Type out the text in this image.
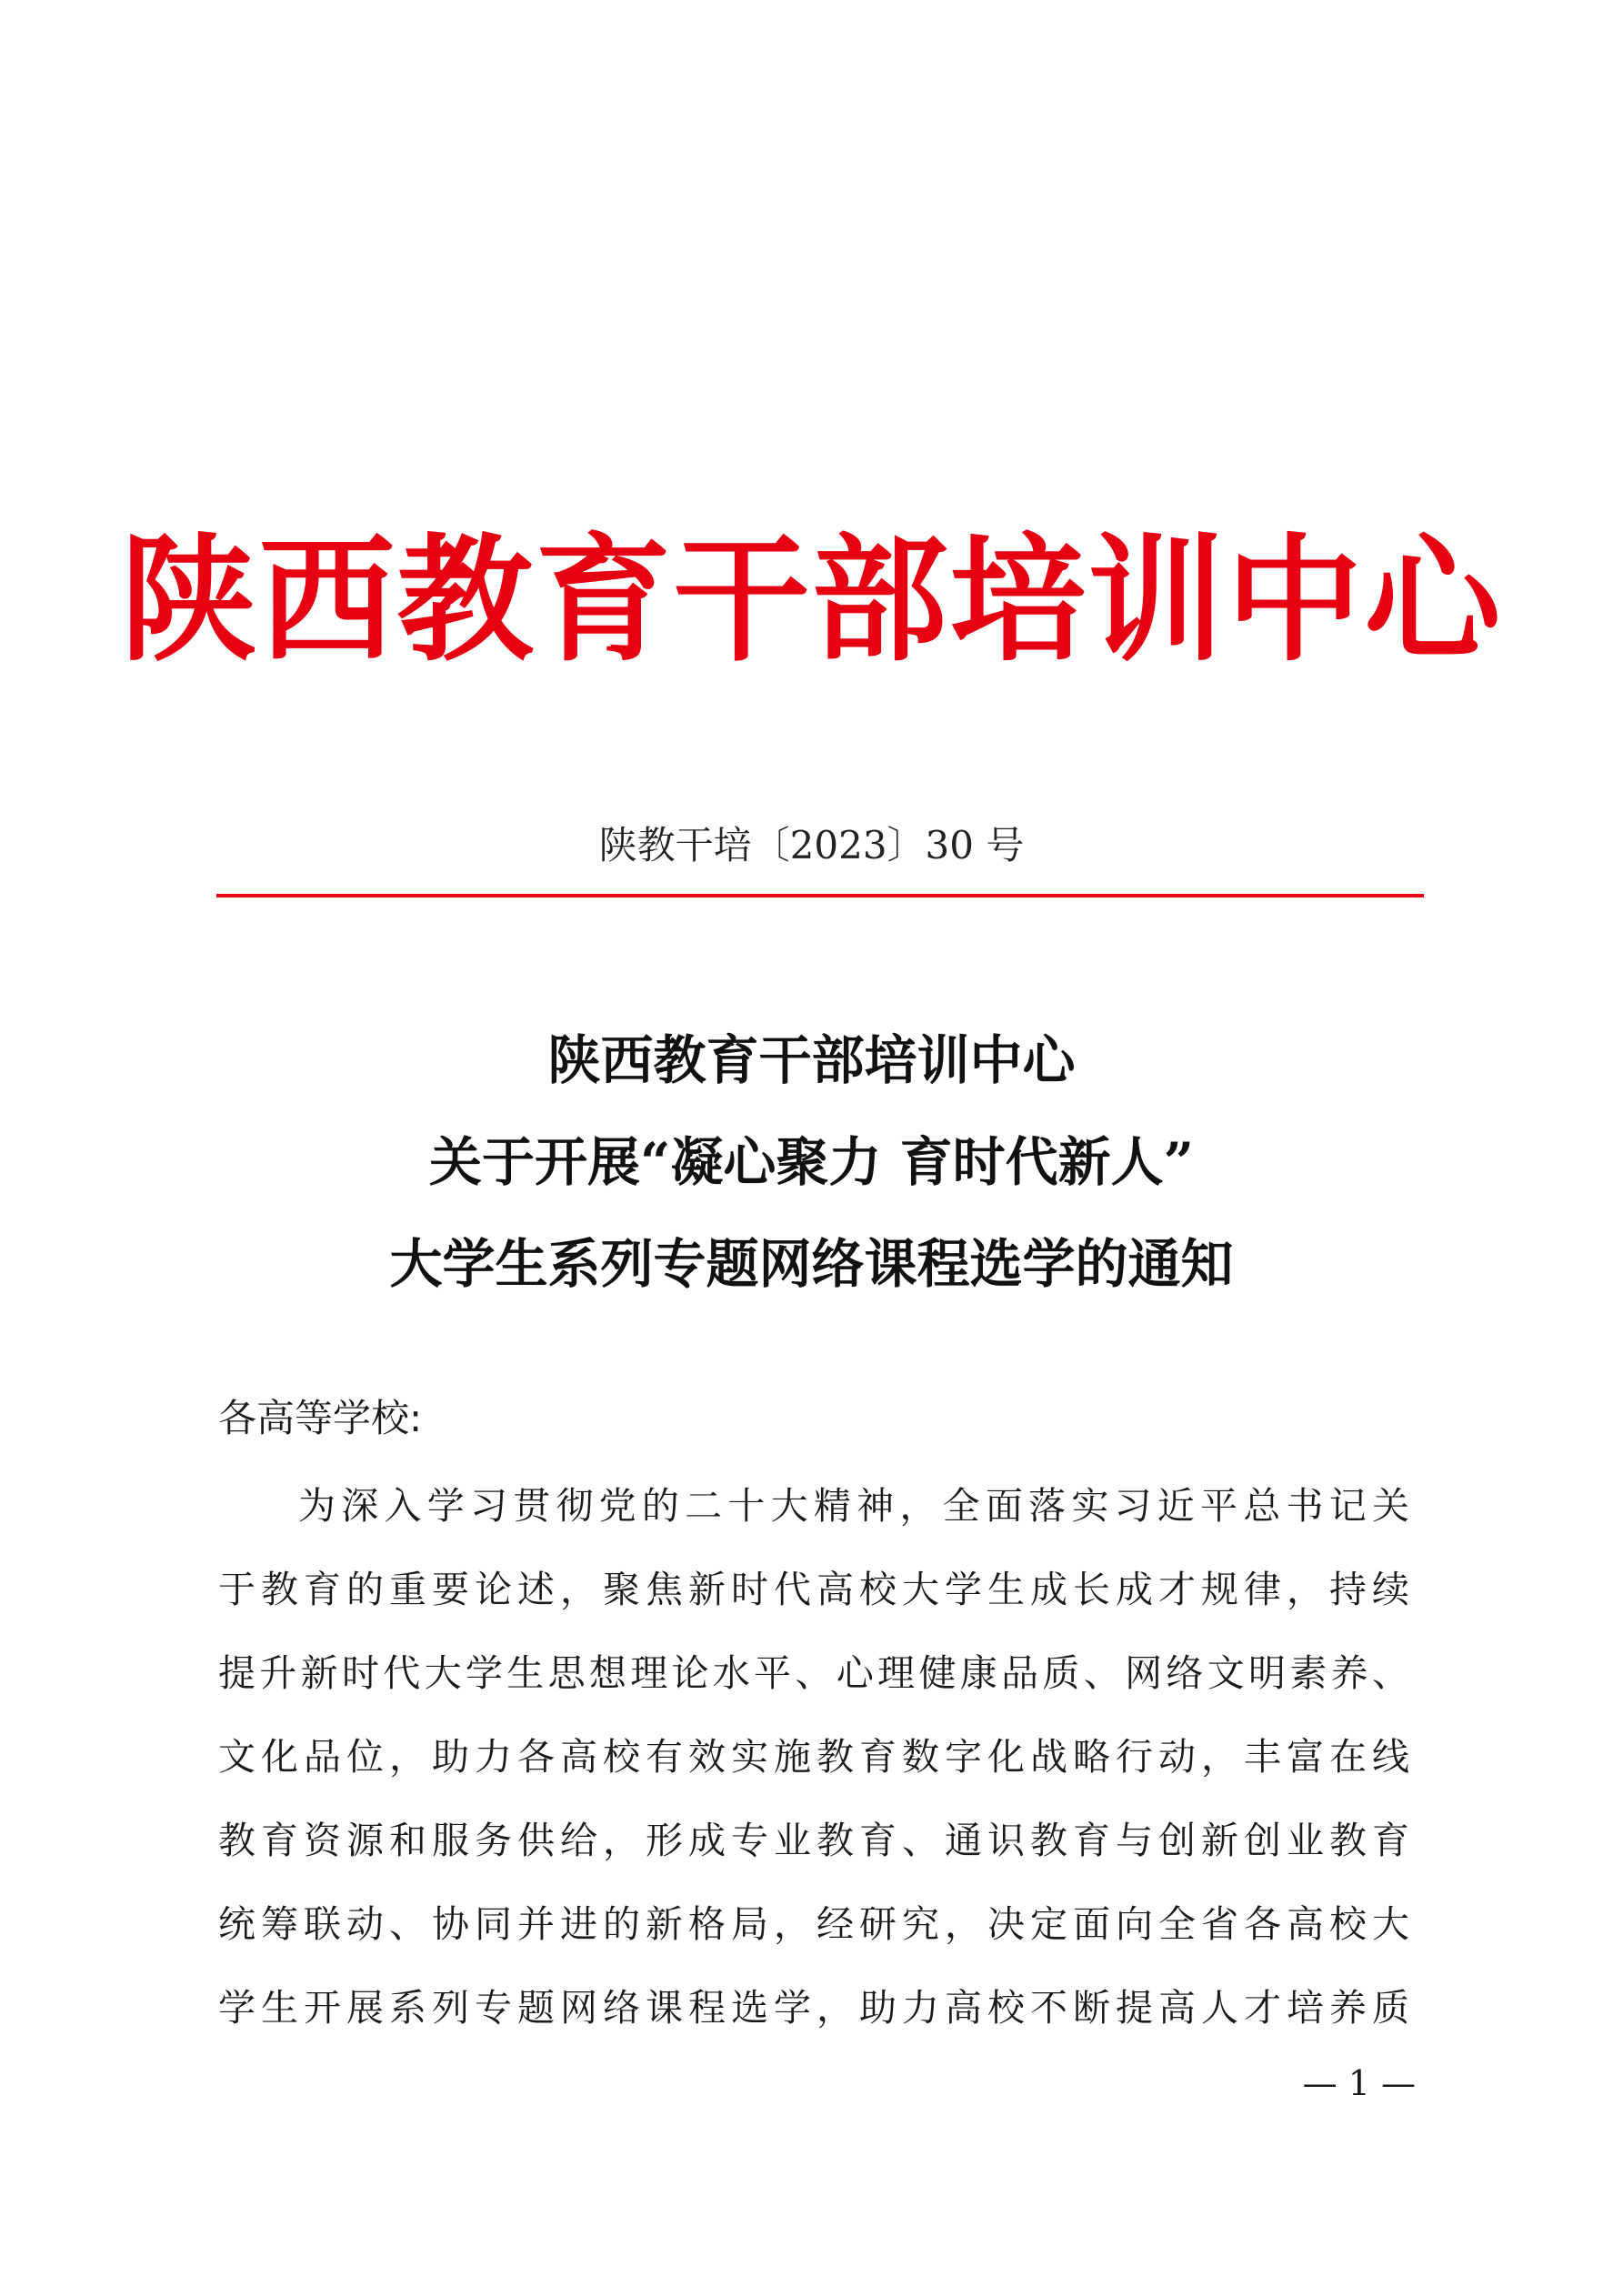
陕西教育干部培训中心
陕教干培〔2023〕30 号
陕西教育干部培训中心
关于开展“凝心聚力 育时代新人”
大学生系列专题网络课程选学的通知
各高等学校:
为深入学习贯彻党的二十大精神，全面落实习近平总书记关
于教育的重要论述，聚焦新时代高校大学生成长成才规律，持续
提升新时代大学生思想理论水平、心理健康品质、网络文明素养、
文化品位，助力各高校有效实施教育数字化战略行动，丰富在线
教育资源和服务供给，形成专业教育、通识教育与创新创业教育
统筹联动、协同并进的新格局，经研究，决定面向全省各高校大
学生开展系列专题网络课程选学，助力高校不断提高人才培养质
— 1 —
